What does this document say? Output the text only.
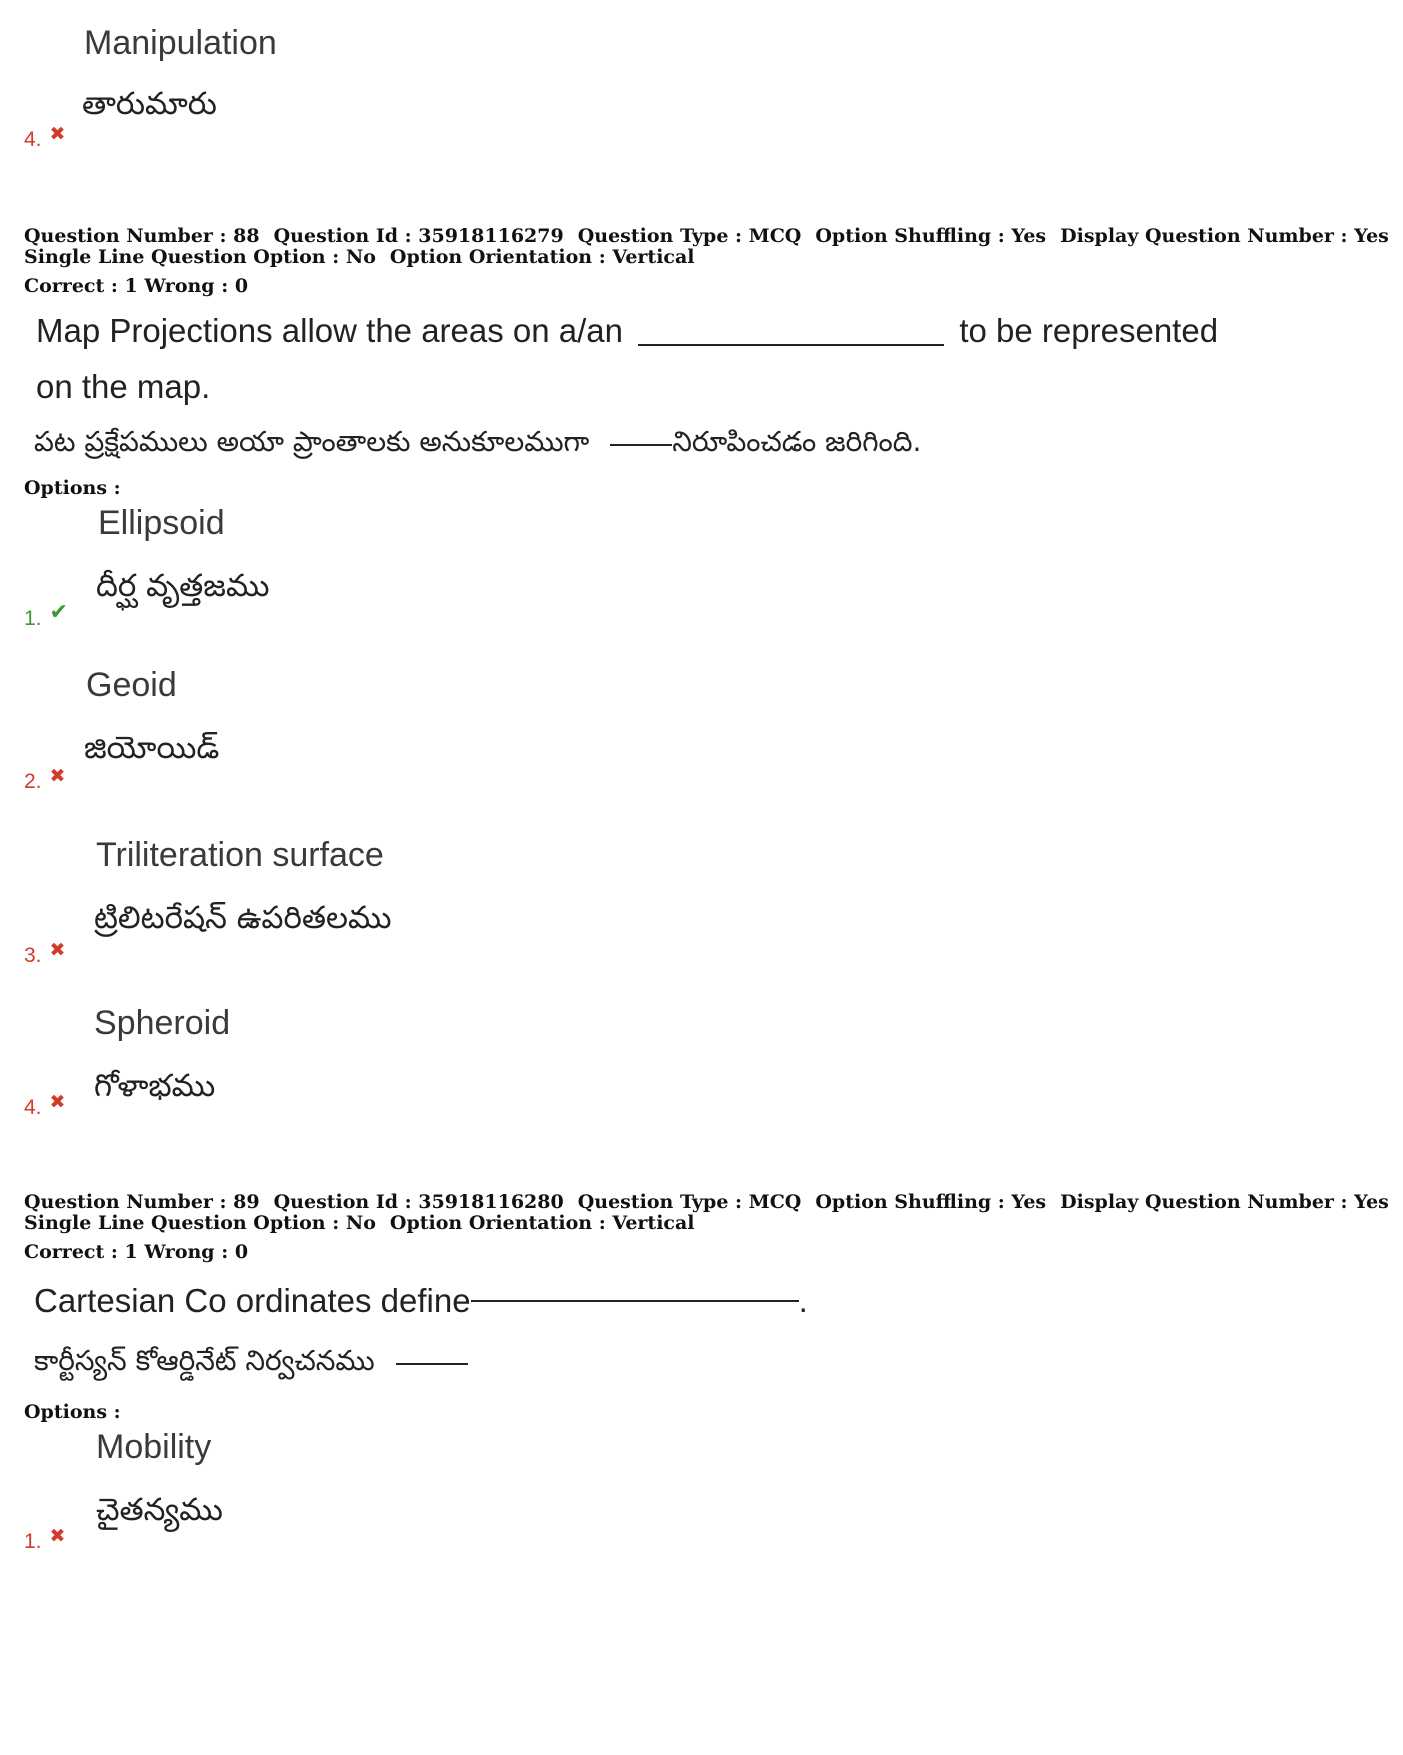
Manipulation
తారుమారు
4. ✖
Question Number : 88 Question Id : 35918116279 Question Type : MCQ Option Shuffling : Yes Display Question Number : Yes
Single Line Question Option : No Option Orientation : Vertical
Correct : 1 Wrong : 0
Map Projections allow the areas on a/an	to be represented
on the map.
పట ప్రక్షేపములు అయా ప్రాంతాలకు అనుకూలముగా	నిరూపించడం జరిగింది.
Options :
Ellipsoid
దీర్ఘ వృత్తజము
1. ✔
Geoid
జియోయిడ్
2. ✖
Triliteration surface
ట్రిలిటరేషన్ ఉపరితలము
3. ✖
Spheroid
గోళాభము
4. ✖
Question Number : 89 Question Id : 35918116280 Question Type : MCQ Option Shuffling : Yes Display Question Number : Yes
Single Line Question Option : No Option Orientation : Vertical
Correct : 1 Wrong : 0
Cartesian Co ordinates define	.
కార్టీస్యన్ కోఆర్డినేట్ నిర్వచనము
Options :
Mobility
చైతన్యము
1. ✖
